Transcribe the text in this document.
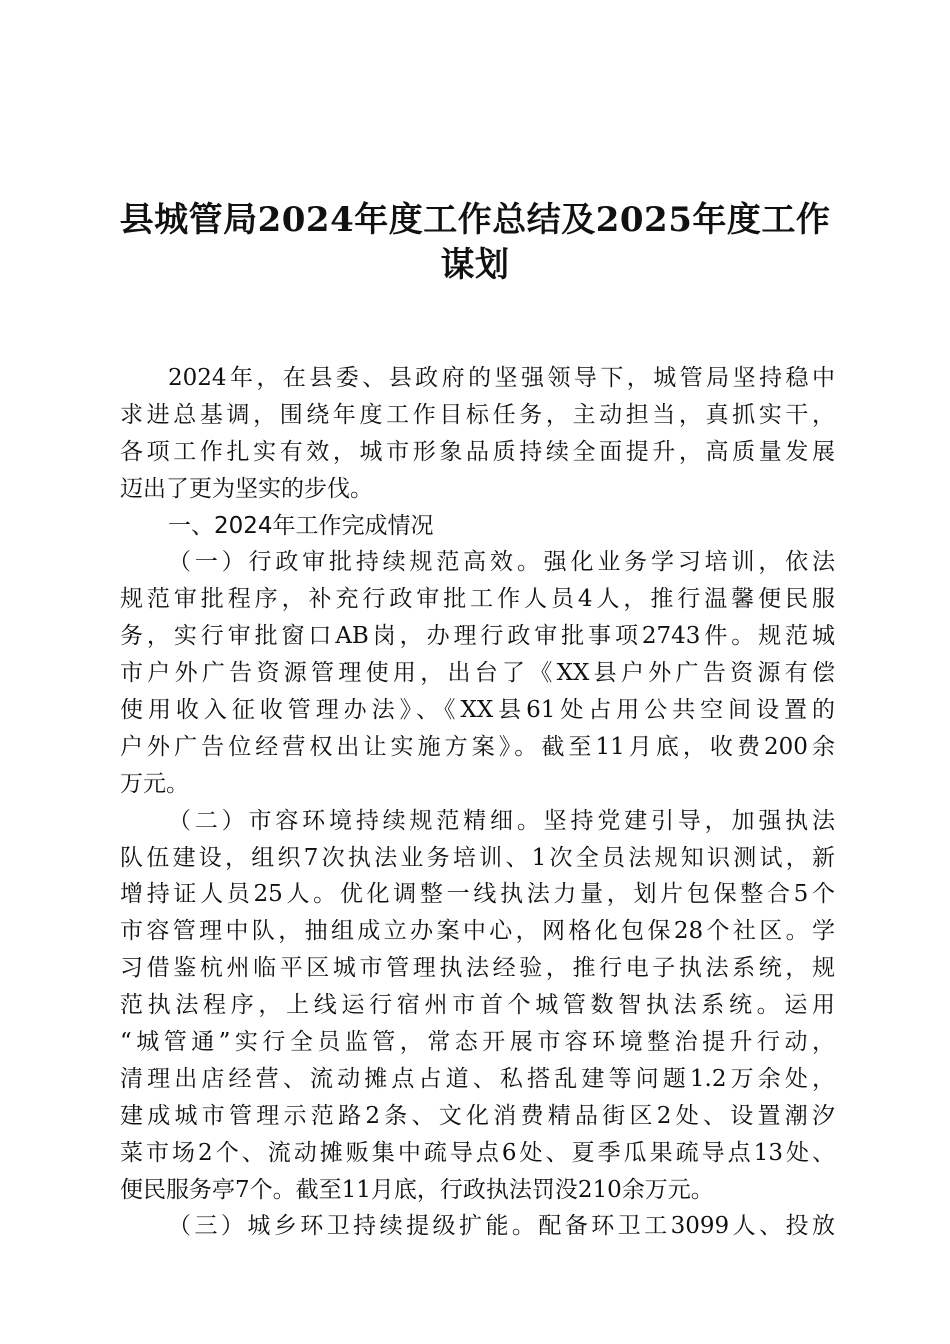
县城管局2024年度工作总结及2025年度工作
谋划
2024年，在县委、县政府的坚强领导下，城管局坚持稳中
求进总基调，围绕年度工作目标任务，主动担当，真抓实干，
各项工作扎实有效，城市形象品质持续全面提升，高质量发展
迈出了更为坚实的步伐。
一、2024年工作完成情况
（一）行政审批持续规范高效。强化业务学习培训，依法
规范审批程序，补充行政审批工作人员4人，推行温馨便民服
务，实行审批窗口AB岗，办理行政审批事项2743件。规范城
市户外广告资源管理使用，出台了《XX县户外广告资源有偿
使用收入征收管理办法》、《XX县61处占用公共空间设置的
户外广告位经营权出让实施方案》。截至11月底，收费200余
万元。
（二）市容环境持续规范精细。坚持党建引导，加强执法
队伍建设，组织7次执法业务培训、1次全员法规知识测试，新
增持证人员25人。优化调整一线执法力量，划片包保整合5个
市容管理中队，抽组成立办案中心，网格化包保28个社区。学
习借鉴杭州临平区城市管理执法经验，推行电子执法系统，规
范执法程序，上线运行宿州市首个城管数智执法系统。运用
“城管通”实行全员监管，常态开展市容环境整治提升行动，
清理出店经营、流动摊点占道、私搭乱建等问题1.2万余处，
建成城市管理示范路2条、文化消费精品街区2处、设置潮汐
菜市场2个、流动摊贩集中疏导点6处、夏季瓜果疏导点13处、
便民服务亭7个。截至11月底，行政执法罚没210余万元。
（三）城乡环卫持续提级扩能。配备环卫工3099人、投放
